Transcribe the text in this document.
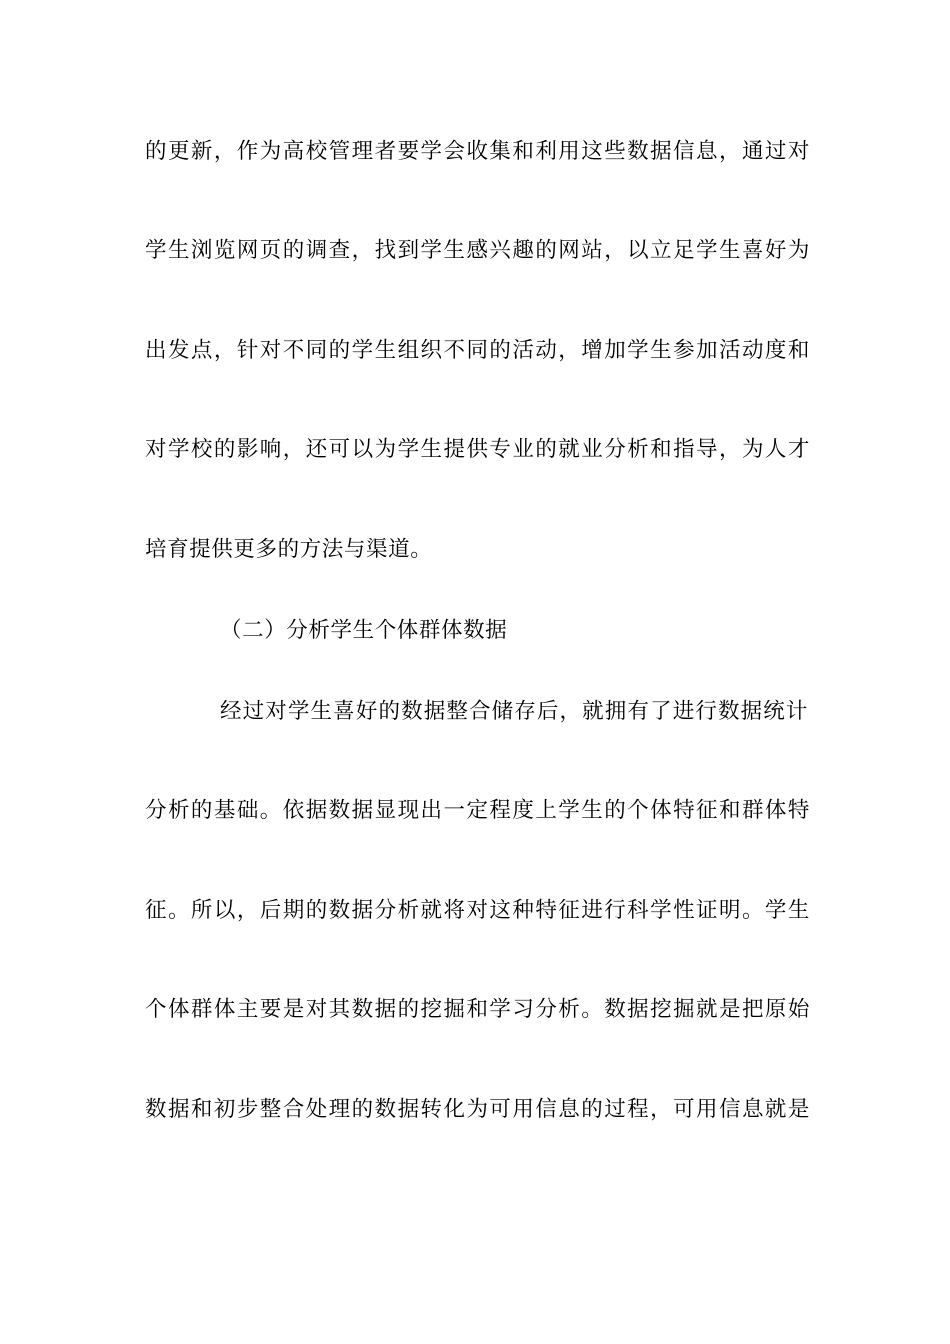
的更新，作为高校管理者要学会收集和利用这些数据信息，通过对
学生浏览网页的调查，找到学生感兴趣的网站，以立足学生喜好为
出发点，针对不同的学生组织不同的活动，增加学生参加活动度和
对学校的影响，还可以为学生提供专业的就业分析和指导，为人才
培育提供更多的方法与渠道。
（二）分析学生个体群体数据
经过对学生喜好的数据整合储存后，就拥有了进行数据统计
分析的基础。依据数据显现出一定程度上学生的个体特征和群体特
征。所以，后期的数据分析就将对这种特征进行科学性证明。学生
个体群体主要是对其数据的挖掘和学习分析。数据挖掘就是把原始
数据和初步整合处理的数据转化为可用信息的过程，可用信息就是
